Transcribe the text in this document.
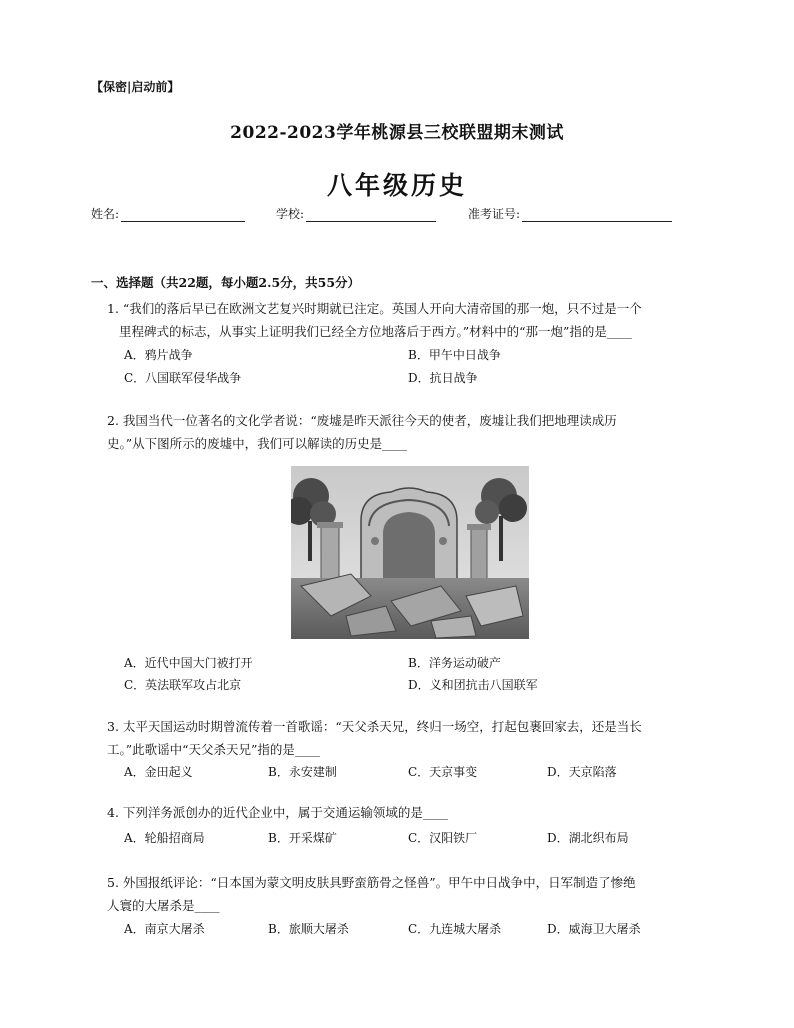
【保密|启动前】
2022-2023学年桃源县三校联盟期末测试
八年级历史
姓名:	学校:	准考证号:
一、选择题（共22题，每小题2.5分，共55分）
1. “我们的落后早已在欧洲文艺复兴时期就已注定。英国人开向大清帝国的那一炮，只不过是一个
里程碑式的标志，从事实上证明我们已经全方位地落后于西方。”材料中的“那一炮”指的是____
A．鸦片战争	B．甲午中日战争
C．八国联军侵华战争	D．抗日战争
2. 我国当代一位著名的文化学者说：“废墟是昨天派往今天的使者，废墟让我们把地理读成历
史。”从下图所示的废墟中，我们可以解读的历史是____
A．近代中国大门被打开	B．洋务运动破产
C．英法联军攻占北京	D．义和团抗击八国联军
3. 太平天国运动时期曾流传着一首歌谣：“天父杀天兄，终归一场空，打起包裹回家去，还是当长
工。”此歌谣中“天父杀天兄”指的是____
A．金田起义	B．永安建制	C．天京事变	D．天京陷落
4. 下列洋务派创办的近代企业中，属于交通运输领域的是____
A．轮船招商局	B．开采煤矿	C．汉阳铁厂	D．湖北织布局
5. 外国报纸评论：“日本国为蒙文明皮肤具野蛮筋骨之怪兽”。甲午中日战争中，日军制造了惨绝
人寰的大屠杀是____
A．南京大屠杀	B．旅顺大屠杀	C．九连城大屠杀	D．威海卫大屠杀
